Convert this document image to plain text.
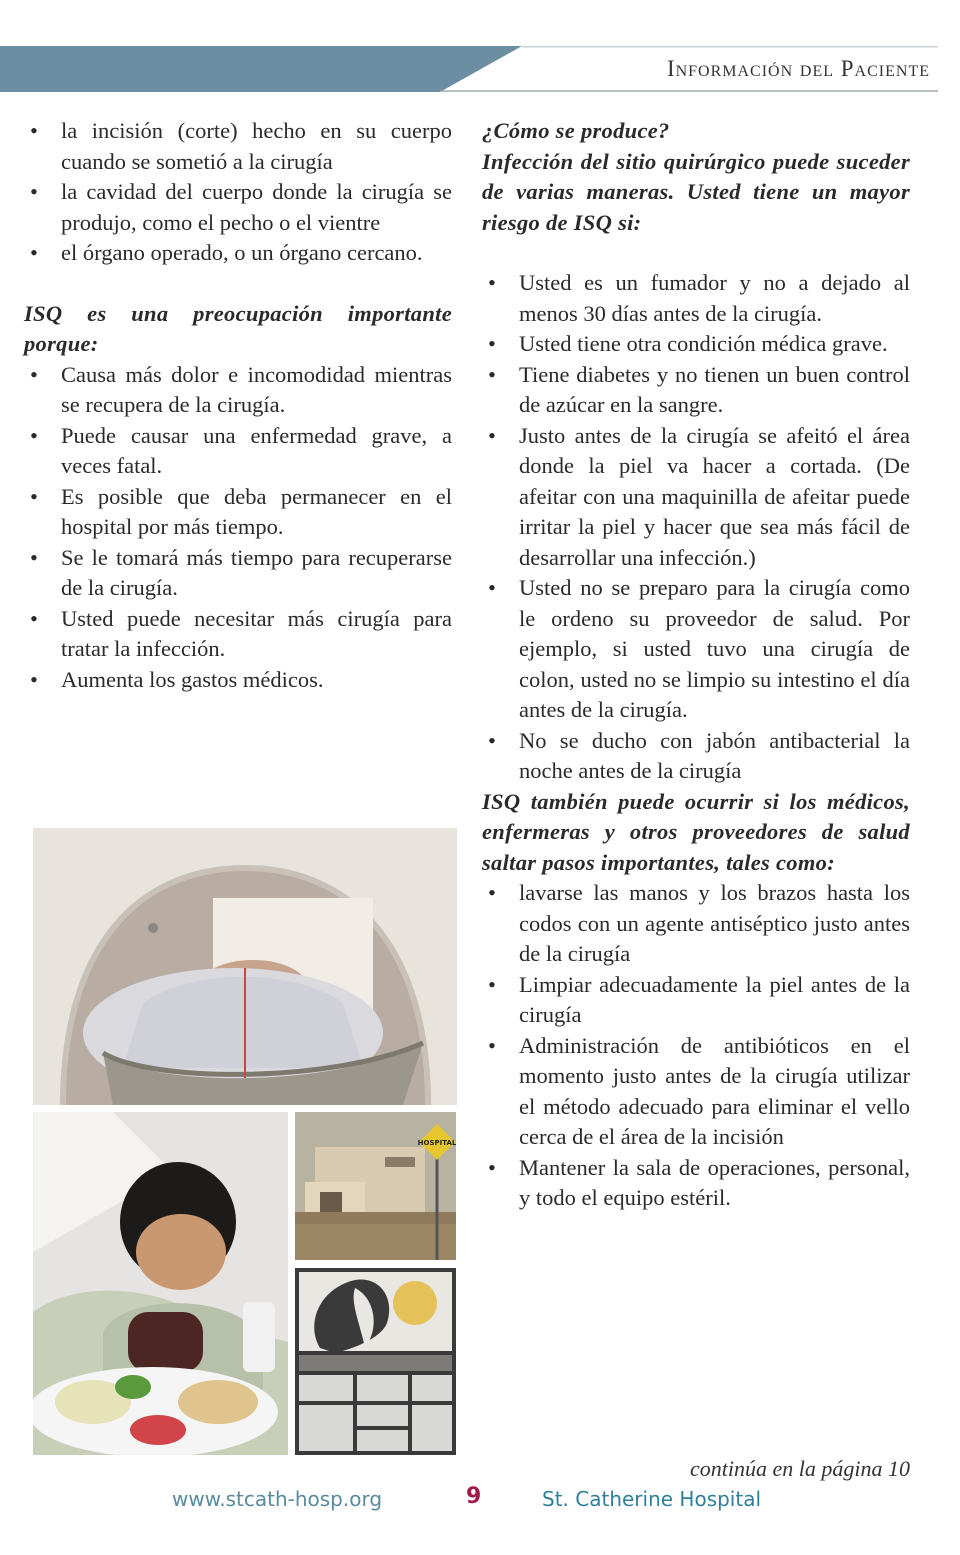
Información del Paciente
• la incisión (corte) hecho en su cuerpo cuando se sometió a la cirugía
• la cavidad del cuerpo donde la cirugía se produjo, como el pecho o el vientre
• el órgano operado, o un órgano cercano.

ISQ es una preocupación importante porque:

• Causa más dolor e incomodidad mientras se recupera de la cirugía.
• Puede causar una enfermedad grave, a veces fatal.
• Es posible que deba permanecer en el hospital por más tiempo.
• Se le tomará más tiempo para recuperarse de la cirugía.
• Usted puede necesitar más cirugía para tratar la infección.
• Aumenta los gastos médicos.

¿Cómo se produce?

Infección del sitio quirúrgico puede suceder de varias maneras. Usted tiene un mayor riesgo de ISQ si:

• Usted es un fumador y no a dejado al menos 30 días antes de la cirugía.
• Usted tiene otra condición médica grave.
• Tiene diabetes y no tienen un buen control de azúcar en la sangre.
• Justo antes de la cirugía se afeitó el área donde la piel va hacer a cortada. (De afeitar con una maquinilla de afeitar puede irritar la piel y hacer que sea más fácil de desarrollar una infección.)
• Usted no se preparo para la cirugía como le ordeno su proveedor de salud. Por ejemplo, si usted tuvo una cirugía de colon, usted no se limpio su intestino el día antes de la cirugía.
• No se ducho con jabón antibacterial la noche antes de la cirugía

ISQ también puede ocurrir si los médicos, enfermeras y otros proveedores de salud saltar pasos importantes, tales como:

• lavarse las manos y los brazos hasta los codos con un agente antiséptico justo antes de la cirugía
• Limpiar adecuadamente la piel antes de la cirugía
• Administración de antibióticos en el momento justo antes de la cirugía utilizar el método adecuado para eliminar el vello cerca de el área de la incisión
• Mantener la sala de operaciones, personal, y todo el equipo estéril.
HOSPITAL
continúa en la página 10
www.stcath-hosp.org	9	St. Catherine Hospital
